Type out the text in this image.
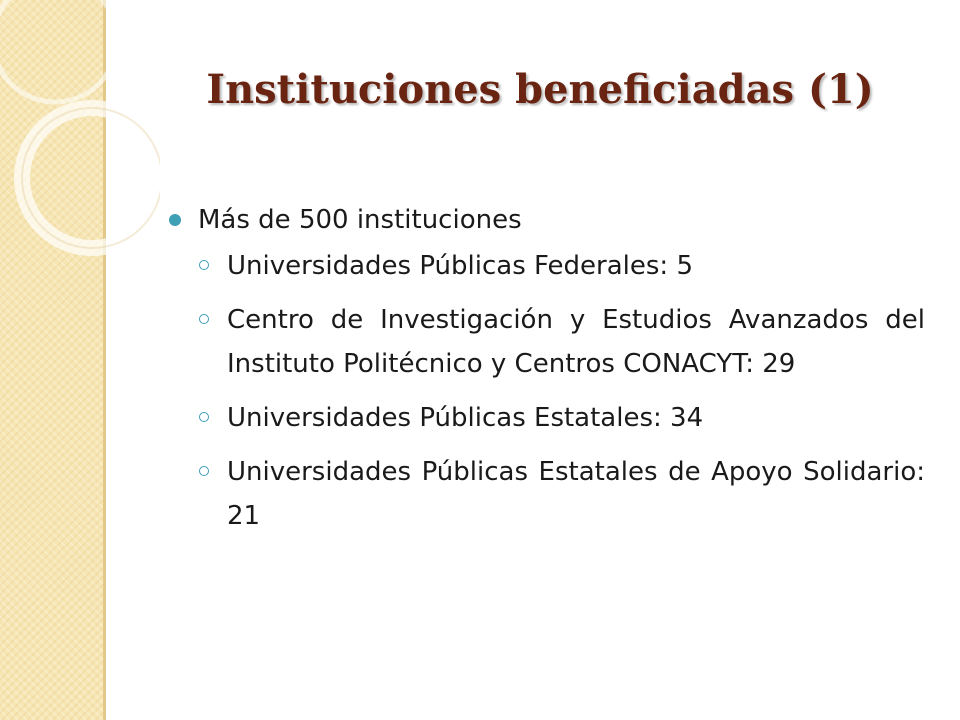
Instituciones beneficiadas (1)
Más de 500 instituciones
Universidades Públicas Federales: 5
Centro de Investigación y Estudios Avanzados del Instituto Politécnico y Centros CONACYT: 29
Universidades Públicas Estatales: 34
Universidades Públicas Estatales de Apoyo Solidario: 21
